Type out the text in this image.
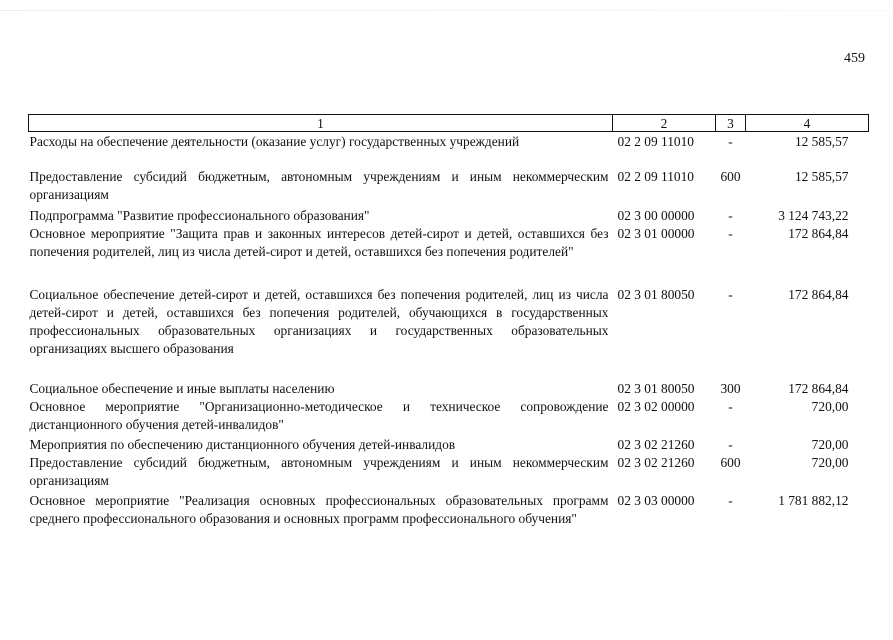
459
1	2	3	4
Расходы на обеспечение деятельности (оказание услуг) государственных учреждений	02 2 09 11010	-	12 585,57
Предоставление субсидий бюджетным, автономным учреждениям и иным некоммерческим организациям	02 2 09 11010	600	12 585,57
Подпрограмма "Развитие профессионального образования"	02 3 00 00000	-	3 124 743,22
Основное мероприятие "Защита прав и законных интересов детей-сирот и детей, оставшихся без попечения родителей, лиц из числа детей-сирот и детей, оставшихся без попечения родителей"	02 3 01 00000	-	172 864,84
Социальное обеспечение детей-сирот и детей, оставшихся без попечения родителей, лиц из числа детей-сирот и детей, оставшихся без попечения родителей, обучающихся в государственных профессиональных образовательных организациях и государственных образовательных организациях высшего образования	02 3 01 80050	-	172 864,84
Социальное обеспечение и иные выплаты населению	02 3 01 80050	300	172 864,84
Основное мероприятие "Организационно-методическое и техническое сопровождение дистанционного обучения детей-инвалидов"	02 3 02 00000	-	720,00
Мероприятия по обеспечению дистанционного обучения детей-инвалидов	02 3 02 21260	-	720,00
Предоставление субсидий бюджетным, автономным учреждениям и иным некоммерческим организациям	02 3 02 21260	600	720,00
Основное мероприятие "Реализация основных профессиональных образовательных программ среднего профессионального образования и основных программ профессионального обучения"	02 3 03 00000	-	1 781 882,12
